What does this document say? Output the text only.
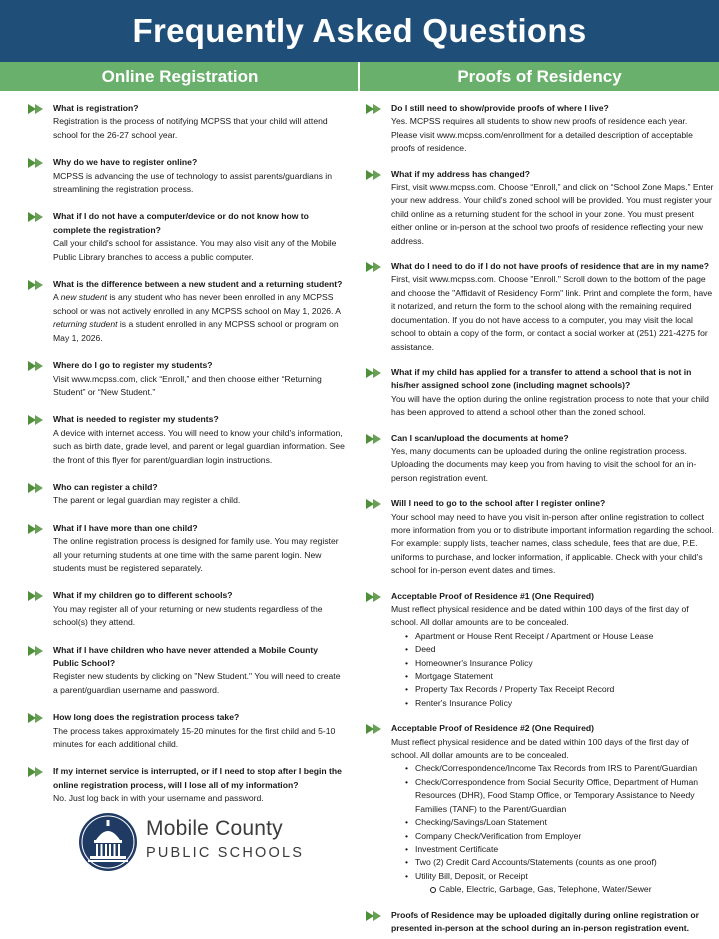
Frequently Asked Questions
Online Registration	Proofs of Residency
What is registration?
Registration is the process of notifying MCPSS that your child will attend school for the 26-27 school year.
Why do we have to register online?
MCPSS is advancing the use of technology to assist parents/guardians in streamlining the registration process.
What if I do not have a computer/device or do not know how to complete the registration?
Call your child's school for assistance. You may also visit any of the Mobile Public Library branches to access a public computer.
What is the difference between a new student and a returning student?
A new student is any student who has never been enrolled in any MCPSS school or was not actively enrolled in any MCPSS school on May 1, 2026. A returning student is a student enrolled in any MCPSS school or program on May 1, 2026.
Where do I go to register my students?
Visit www.mcpss.com, click “Enroll,” and then choose either “Returning Student” or “New Student.”
What is needed to register my students?
A device with internet access. You will need to know your child's information, such as birth date, grade level, and parent or legal guardian information. See the front of this flyer for parent/guardian login instructions.
Who can register a child?
The parent or legal guardian may register a child.
What if I have more than one child?
The online registration process is designed for family use. You may register all your returning students at one time with the same parent login. New students must be registered separately.
What if my children go to different schools?
You may register all of your returning or new students regardless of the school(s) they attend.
What if I have children who have never attended a Mobile County Public School?
Register new students by clicking on "New Student." You will need to create a parent/guardian username and password.
How long does the registration process take?
The process takes approximately 15-20 minutes for the first child and 5-10 minutes for each additional child.
If my internet service is interrupted, or if I need to stop after I begin the online registration process, will I lose all of my information?
No. Just log back in with your username and password.
Do I still need to show/provide proofs of where I live?
Yes. MCPSS requires all students to show new proofs of residence each year. Please visit www.mcpss.com/enrollment for a detailed description of acceptable proofs of residence.
What if my address has changed?
First, visit www.mcpss.com. Choose “Enroll,” and click on “School Zone Maps.” Enter your new address. Your child's zoned school will be provided. You must register your child online as a returning student for the school in your zone. You must present either online or in-person at the school two proofs of residence reflecting your new address.
What do I need to do if I do not have proofs of residence that are in my name?
First, visit www.mcpss.com. Choose "Enroll." Scroll down to the bottom of the page and choose the "Affidavit of Residency Form" link. Print and complete the form, have it notarized, and return the form to the school along with the remaining required documentation. If you do not have access to a computer, you may visit the local school to obtain a copy of the form, or contact a social worker at (251) 221-4275 for assistance.
What if my child has applied for a transfer to attend a school that is not in his/her assigned school zone (including magnet schools)?
You will have the option during the online registration process to note that your child has been approved to attend a school other than the zoned school.
Can I scan/upload the documents at home?
Yes, many documents can be uploaded during the online registration process. Uploading the documents may keep you from having to visit the school for an in-person registration event.
Will I need to go to the school after I register online?
Your school may need to have you visit in-person after online registration to collect more information from you or to distribute important information regarding the school. For example: supply lists, teacher names, class schedule, fees that are due, P.E. uniforms to purchase, and locker information, if applicable. Check with your child's school for in-person event dates and times.
Acceptable Proof of Residence #1 (One Required)
Must reflect physical residence and be dated within 100 days of the first day of school. All dollar amounts are to be concealed.
• Apartment or House Rent Receipt / Apartment or House Lease
• Deed
• Homeowner's Insurance Policy
• Mortgage Statement
• Property Tax Records / Property Tax Receipt Record
• Renter's Insurance Policy
Acceptable Proof of Residence #2 (One Required)
Must reflect physical residence and be dated within 100 days of the first day of school. All dollar amounts are to be concealed.
• Check/Correspondence/Income Tax Records from IRS to Parent/Guardian
• Check/Correspondence from Social Security Office, Department of Human Resources (DHR), Food Stamp Office, or Temporary Assistance to Needy Families (TANF) to the Parent/Guardian
• Checking/Savings/Loan Statement
• Company Check/Verification from Employer
• Investment Certificate
• Two (2) Credit Card Accounts/Statements (counts as one proof)
• Utility Bill, Deposit, or Receipt
Cable, Electric, Garbage, Gas, Telephone, Water/Sewer
Proofs of Residence may be uploaded digitally during online registration or presented in-person at the school during an in-person registration event.
Mobile County
PUBLIC SCHOOLS
